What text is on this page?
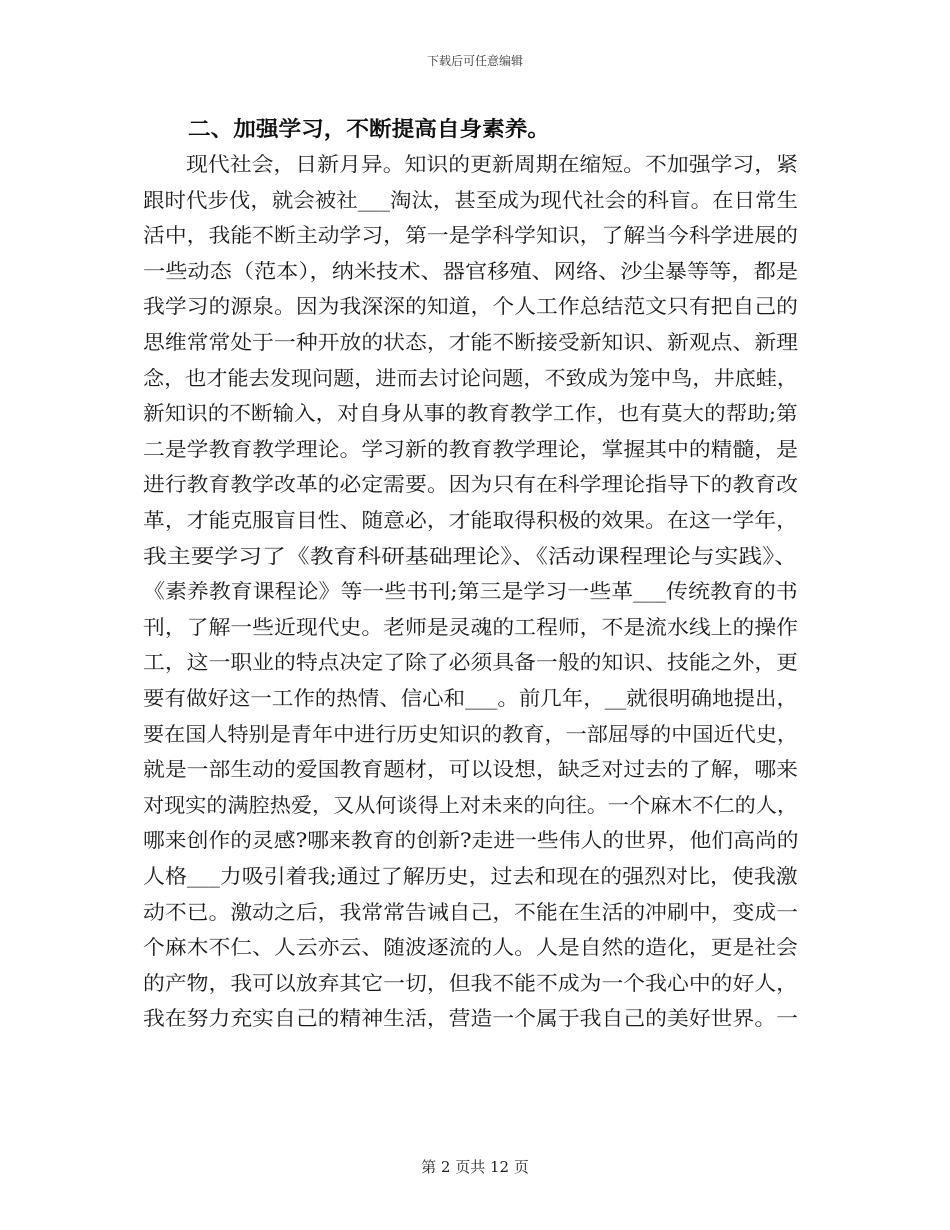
下载后可任意编辑
二、加强学习，不断提高自身素养。
现代社会，日新月异。知识的更新周期在缩短。不加强学习，紧
跟时代步伐，就会被社___淘汰，甚至成为现代社会的科盲。在日常生
活中，我能不断主动学习，第一是学科学知识，了解当今科学进展的
一些动态（范本），纳米技术、器官移殖、网络、沙尘暴等等，都是
我学习的源泉。因为我深深的知道，个人工作总结范文只有把自己的
思维常常处于一种开放的状态，才能不断接受新知识、新观点、新理
念，也才能去发现问题，进而去讨论问题，不致成为笼中鸟，井底蛙，
新知识的不断输入，对自身从事的教育教学工作，也有莫大的帮助;第
二是学教育教学理论。学习新的教育教学理论，掌握其中的精髓，是
进行教育教学改革的必定需要。因为只有在科学理论指导下的教育改
革，才能克服盲目性、随意必，才能取得积极的效果。在这一学年，
我主要学习了《教育科研基础理论》、《活动课程理论与实践》、
《素养教育课程论》等一些书刊;第三是学习一些革___传统教育的书
刊，了解一些近现代史。老师是灵魂的工程师，不是流水线上的操作
工，这一职业的特点决定了除了必须具备一般的知识、技能之外，更
要有做好这一工作的热情、信心和___。前几年，__就很明确地提出，
要在国人特别是青年中进行历史知识的教育，一部屈辱的中国近代史，
就是一部生动的爱国教育题材，可以设想，缺乏对过去的了解，哪来
对现实的满腔热爱，又从何谈得上对未来的向往。一个麻木不仁的人，
哪来创作的灵感?哪来教育的创新?走进一些伟人的世界，他们高尚的
人格___力吸引着我;通过了解历史，过去和现在的强烈对比，使我激
动不已。激动之后，我常常告诫自己，不能在生活的冲刷中，变成一
个麻木不仁、人云亦云、随波逐流的人。人是自然的造化，更是社会
的产物，我可以放弃其它一切，但我不能不成为一个我心中的好人，
我在努力充实自己的精神生活，营造一个属于我自己的美好世界。一
第 2 页共 12 页
